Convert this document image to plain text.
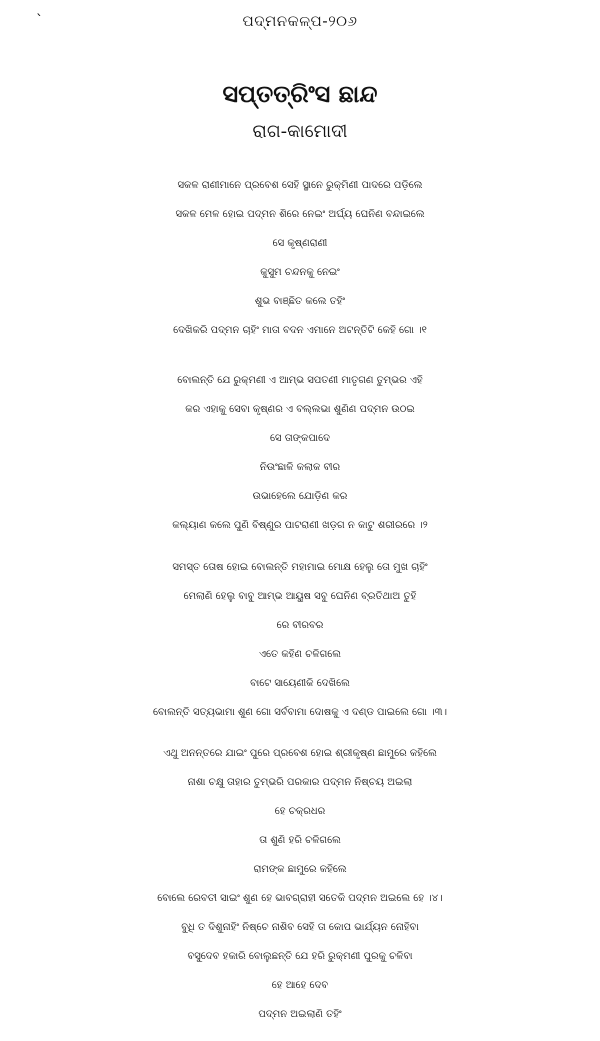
`	ପଦ୍ମନକଳ୍ପ-୨୦୬
ସପ୍ତତ୍ରିଂସ ଛାନ୍ଦ
ରାଗ-କାମୋଦୀ
ସକଳ ରାଣୀମାନେ ପ୍ରବେଶ ସେହି ସ୍ଥାନେ ରୁକ୍ମିଣୀ ପାଦରେ ପଡ଼ିଲେ
ସକଳ ମେଳ ହୋଇ ପଦ୍ମନ ଶିରେ ନେଇଂ ଅର୍ଘ୍ୟ ଘେନିଣ ବନ୍ଦାଇଲେ
ସେ କୃଷ୍ଣରାଣୀ
କୁସୁମ ଚନ୍ଦନକୁ ନେଇଂ
ଶୁଭ ବାଞ୍ଛିତ କଲେ ତହିଂ
ଦେଖିକରି ପଦ୍ମନ ଚାହିଂ ମାତା ବଦନ ଏମାନେ ଅଟନ୍ତିଟି କେହି ଗୋ ।୧
ବୋଲନ୍ତି ଯେ ରୁକ୍ମଣୀ ଏ ଆମ୍ଭ ସପତଣୀ ମାତୃଗଣ ତୁମ୍ଭର ଏହି
କର ଏହାକୁ ସେବା କୃଷ୍ଣର ଏ ବଲ୍ଲଭା ଶୁଣିଣ ପଦ୍ମନ ଉଠଇ
ସେ ତାଙ୍କପାଦେ
ନିଉଂଛାଳି କଲାକ ବୀର
ଉଭାହେଲେ ଯୋଡ଼ିଣ କର
କଲ୍ୟାଣ କଲେ ପୁଣି ବିଷ୍ଣୁର ପାଟରାଣୀ ଖଡ଼ଗ ନ କାଟୁ ଶରୀରରେ ।୨
ସମସ୍ତ ତୋଷ ହୋଇ ବୋଲନ୍ତି ମହାମାଇ ମୋକ୍ଷ ହେଲୁ ତୋ ମୁଖ ଚାହିଂ
ମେଲାଣି ହେଲୁ ବାବୁ ଆମ୍ଭ ଆୟୁଷ ସବୁ ଘେନିଣ ବ୍ରତିଥାଅ ତୁହି
ରେ ବୀରବର
ଏତେ କହିଣ ଚଳିଗଲେ
ବାଟେ ସାୟେଣୀକି ଦେଖିଲେ
ବୋଲନ୍ତି ସତ୍ୟଭାମା ଶୁଣ ଗୋ ସର୍ବବାମା ଦୋଷକୁ ଏ ଦଣ୍ଡ ପାଇଲେ ଗୋ ।୩।
ଏଥୁ ଅନନ୍ତରେ ଯାଇଂ ପୁରେ ପ୍ରବେଶ ହୋଇ ଶ୍ରୀକୃଷ୍ଣ ଛାମୁରେ କହିଲେ
ନାଶା ଚକ୍ଷୁ ତାହାର ତୁମ୍ଭରି ପରକାର ପଦ୍ମନ ନିଷ୍ଚୟ ଅଇଲା
ହେ ଚକ୍ରଧର
ତା ଶୁଣି ହରି ଚଳିଗଲେ
ରାମଙ୍କ ଛାମୁରେ କହିଲେ
ବୋଲେ ରେବତୀ ସାଇଂ ଶୁଣ ହେ ଭାବଗ୍ରାହୀ ସତେକି ପଦ୍ମନ ଅଇଲେ ହେ ।୪।
ବୁଧି ତ ଦିଶୁନାହିଂ ନିଷ୍ଚେ ନାଶିବ ସେହି ତା କୋପ ଭାର୍ଯ୍ୟନ ନୋହିବା
ବସୁଦେବ ହକାରି ବୋଲୁଛନ୍ତି ଯେ ହରି ରୁକ୍ମଣୀ ପୁରକୁ ଚଳିବା
ହେ ଆହେ ଦେବ
ପଦ୍ମନ ଅଇଲାଣି ତହିଂ
